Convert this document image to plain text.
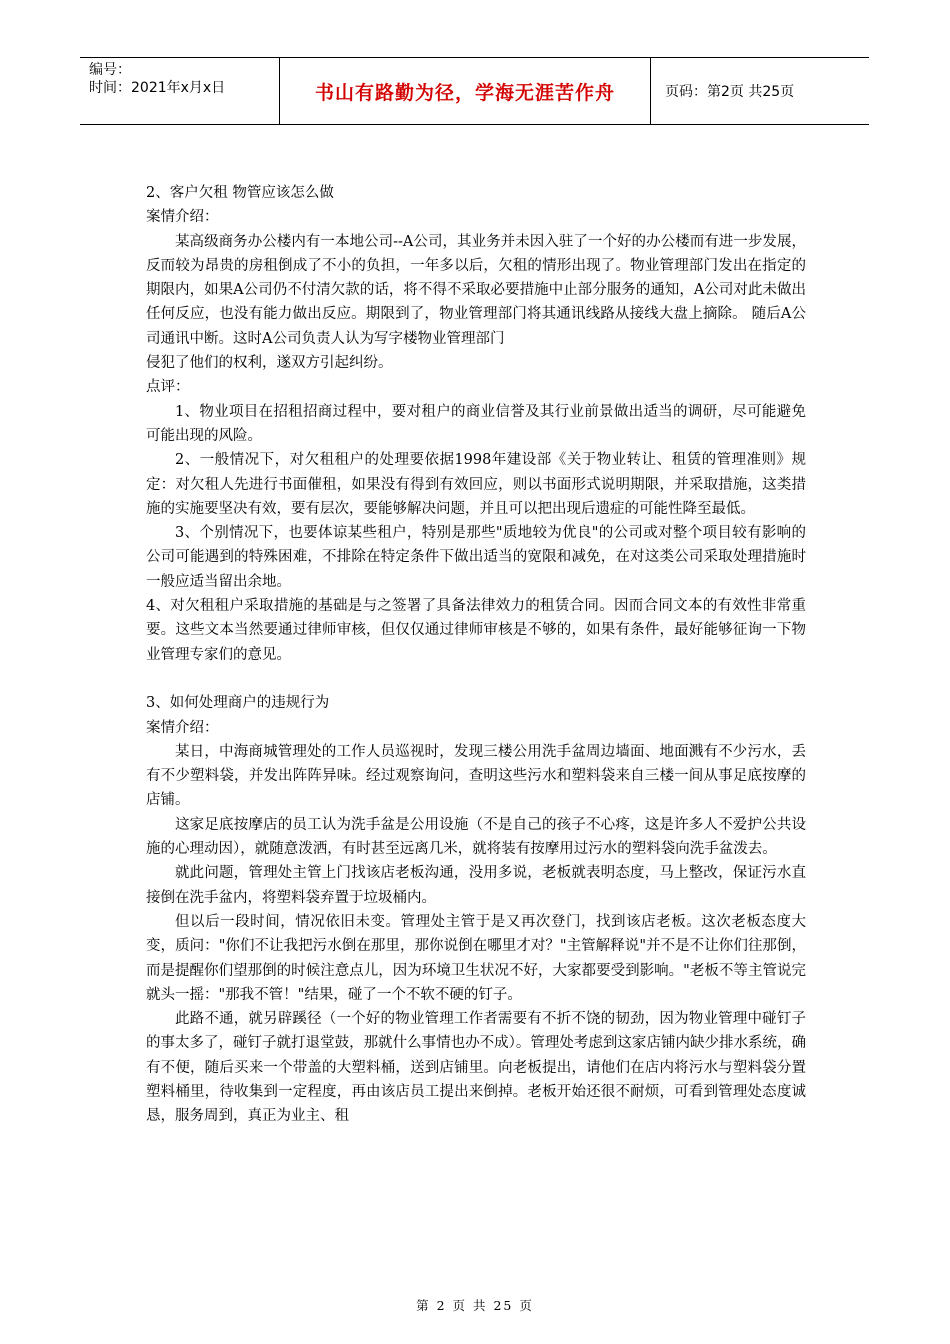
编号：
时间：2021年x月x日	书山有路勤为径，学海无涯苦作舟	页码：第2页 共25页

2、客户欠租 物管应该怎么做

案情介绍：

某高级商务办公楼内有一本地公司--A公司，其业务并未因入驻了一个好的办公楼而有进一步发展，反而较为昂贵的房租倒成了不小的负担，一年多以后，欠租的情形出现了。物业管理部门发出在指定的期限内，如果A公司仍不付清欠款的话，将不得不采取必要措施中止部分服务的通知，A公司对此未做出任何反应，也没有能力做出反应。期限到了，物业管理部门将其通讯线路从接线大盘上摘除。 随后A公司通讯中断。这时A公司负责人认为写字楼物业管理部门

侵犯了他们的权利，遂双方引起纠纷。

点评：

1、物业项目在招租招商过程中，要对租户的商业信誉及其行业前景做出适当的调研，尽可能避免可能出现的风险。

2、一般情况下，对欠租租户的处理要依据1998年建设部《关于物业转让、租赁的管理准则》规定：对欠租人先进行书面催租，如果没有得到有效回应，则以书面形式说明期限，并采取措施，这类措施的实施要坚决有效，要有层次，要能够解决问题，并且可以把出现后遗症的可能性降至最低。

3、个别情况下，也要体谅某些租户，特别是那些"质地较为优良"的公司或对整个项目较有影响的公司可能遇到的特殊困难，不排除在特定条件下做出适当的宽限和减免，在对这类公司采取处理措施时一般应适当留出余地。

4、对欠租租户采取措施的基础是与之签署了具备法律效力的租赁合同。因而合同文本的有效性非常重要。这些文本当然要通过律师审核，但仅仅通过律师审核是不够的，如果有条件，最好能够征询一下物业管理专家们的意见。

3、如何处理商户的违规行为

案情介绍：

某日，中海商城管理处的工作人员巡视时，发现三楼公用洗手盆周边墙面、地面溅有不少污水，丢有不少塑料袋，并发出阵阵异味。经过观察询问，查明这些污水和塑料袋来自三楼一间从事足底按摩的店铺。

这家足底按摩店的员工认为洗手盆是公用设施（不是自己的孩子不心疼，这是许多人不爱护公共设施的心理动因），就随意泼洒，有时甚至远离几米，就将装有按摩用过污水的塑料袋向洗手盆泼去。

就此问题，管理处主管上门找该店老板沟通，没用多说，老板就表明态度，马上整改，保证污水直接倒在洗手盆内，将塑料袋弃置于垃圾桶内。

但以后一段时间，情况依旧未变。管理处主管于是又再次登门，找到该店老板。这次老板态度大变，质问："你们不让我把污水倒在那里，那你说倒在哪里才对？"主管解释说"并不是不让你们往那倒，而是提醒你们望那倒的时候注意点儿，因为环境卫生状况不好，大家都要受到影响。"老板不等主管说完就头一摇："那我不管！"结果，碰了一个不软不硬的钉子。

此路不通，就另辟蹊径（一个好的物业管理工作者需要有不折不饶的韧劲，因为物业管理中碰钉子的事太多了，碰钉子就打退堂鼓，那就什么事情也办不成）。管理处考虑到这家店铺内缺少排水系统，确有不便，随后买来一个带盖的大塑料桶，送到店铺里。向老板提出，请他们在店内将污水与塑料袋分置塑料桶里，待收集到一定程度，再由该店员工提出来倒掉。老板开始还很不耐烦，可看到管理处态度诚恳，服务周到，真正为业主、租

第 2 页 共 25 页
